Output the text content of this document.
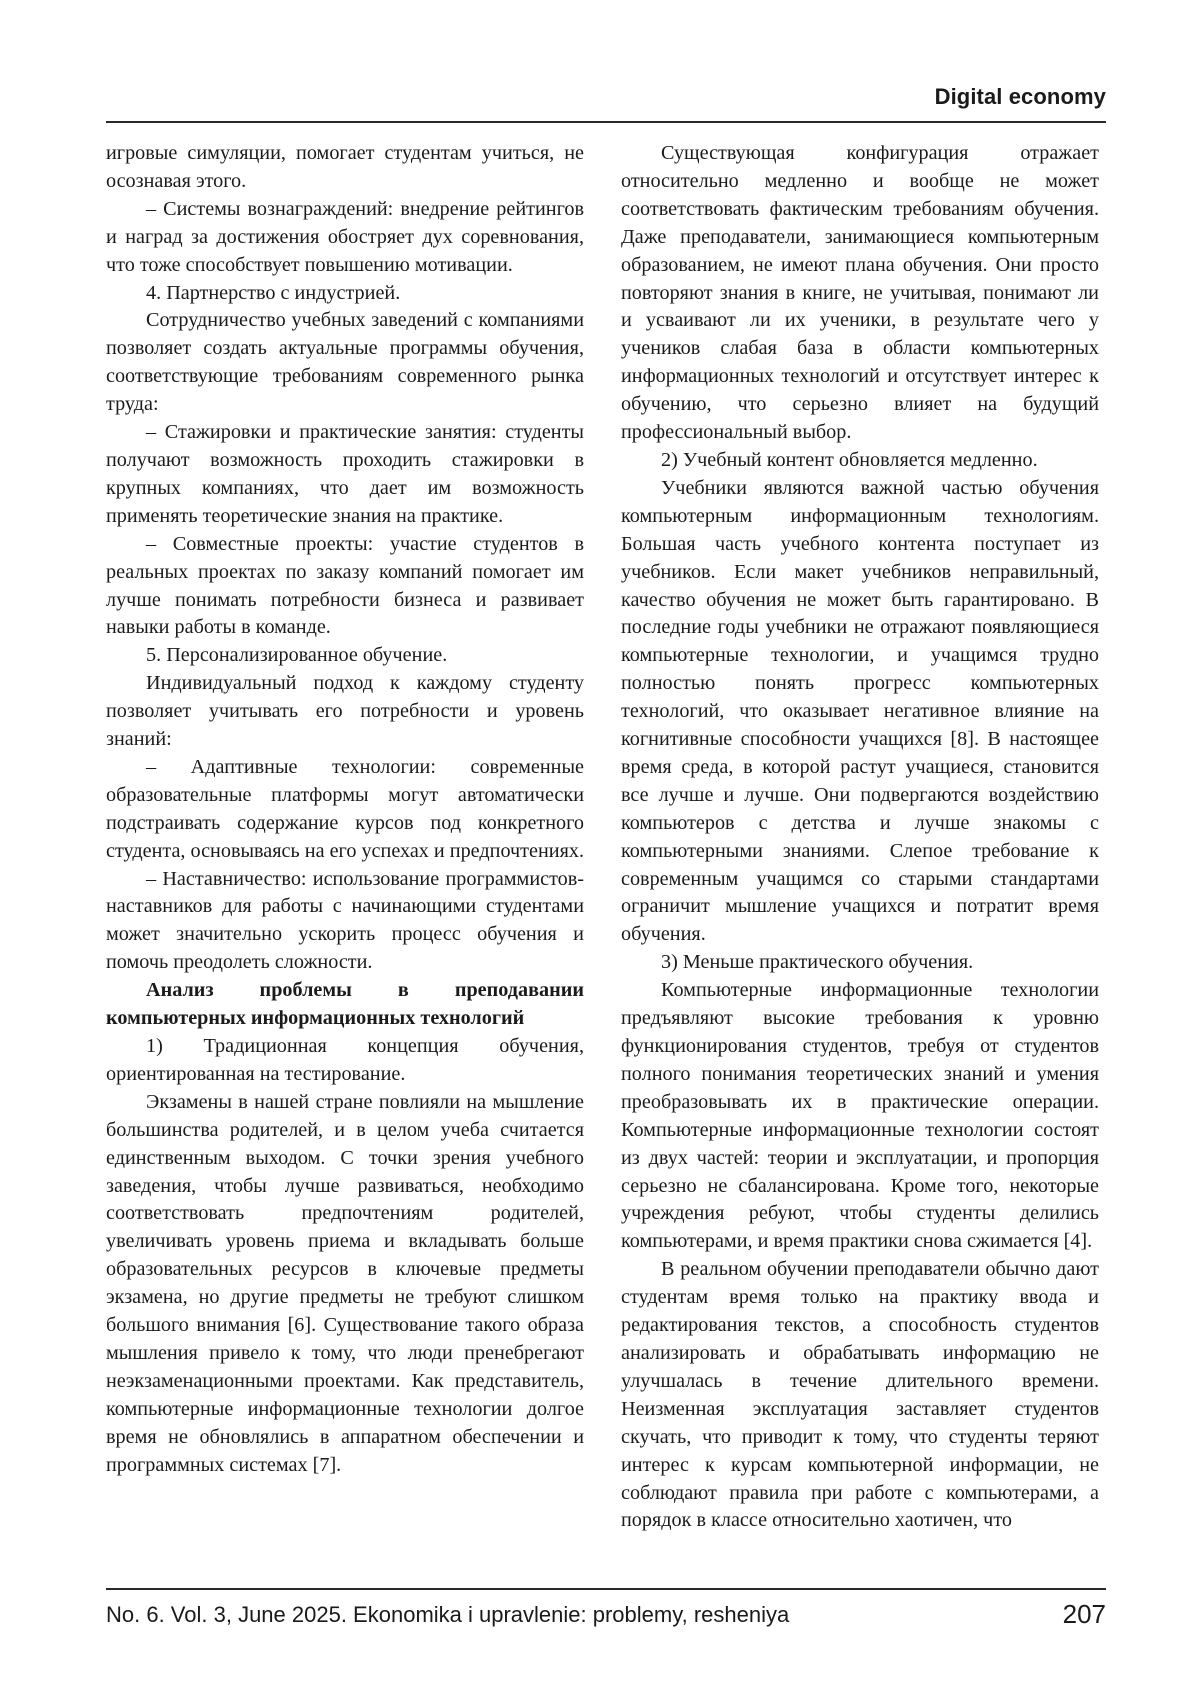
Digital economy

игровые симуляции, помогает студентам учиться, не осознавая этого.

– Системы вознаграждений: внедрение рейтингов и наград за достижения обостряет дух соревнования, что тоже способствует повышению мотивации.

4. Партнерство с индустрией.

Сотрудничество учебных заведений с компаниями позволяет создать актуальные программы обучения, соответствующие требованиям современного рынка труда:

– Стажировки и практические занятия: студенты получают возможность проходить стажировки в крупных компаниях, что дает им возможность применять теоретические знания на практике.

– Совместные проекты: участие студентов в реальных проектах по заказу компаний помогает им лучше понимать потребности бизнеса и развивает навыки работы в команде.

5. Персонализированное обучение.

Индивидуальный подход к каждому студенту позволяет учитывать его потребности и уровень знаний:

– Адаптивные технологии: современные образовательные платформы могут автоматически подстраивать содержание курсов под конкретного студента, основываясь на его успехах и предпочтениях.

– Наставничество: использование программистов-наставников для работы с начинающими студентами может значительно ускорить процесс обучения и помочь преодолеть сложности.

Анализ проблемы в преподавании компьютерных информационных технологий

1) Традиционная концепция обучения, ориентированная на тестирование.

Экзамены в нашей стране повлияли на мышление большинства родителей, и в целом учеба считается единственным выходом. С точки зрения учебного заведения, чтобы лучше развиваться, необходимо соответствовать предпочтениям родителей, увеличивать уровень приема и вкладывать больше образовательных ресурсов в ключевые предметы экзамена, но другие предметы не требуют слишком большого внимания [6]. Существование такого образа мышления привело к тому, что люди пренебрегают неэкзаменационными проектами. Как представитель, компьютерные информационные технологии долгое время не обновлялись в аппаратном обеспечении и программных системах [7].

Существующая конфигурация отражает относительно медленно и вообще не может соответствовать фактическим требованиям обучения. Даже преподаватели, занимающиеся компьютерным образованием, не имеют плана обучения. Они просто повторяют знания в книге, не учитывая, понимают ли и усваивают ли их ученики, в результате чего у учеников слабая база в области компьютерных информационных технологий и отсутствует интерес к обучению, что серьезно влияет на будущий профессиональный выбор.

2) Учебный контент обновляется медленно.

Учебники являются важной частью обучения компьютерным информационным технологиям. Большая часть учебного контента поступает из учебников. Если макет учебников неправильный, качество обучения не может быть гарантировано. В последние годы учебники не отражают появляющиеся компьютерные технологии, и учащимся трудно полностью понять прогресс компьютерных технологий, что оказывает негативное влияние на когнитивные способности учащихся [8]. В настоящее время среда, в которой растут учащиеся, становится все лучше и лучше. Они подвергаются воздействию компьютеров с детства и лучше знакомы с компьютерными знаниями. Слепое требование к современным учащимся со старыми стандартами ограничит мышление учащихся и потратит время обучения.

3) Меньше практического обучения.

Компьютерные информационные технологии предъявляют высокие требования к уровню функционирования студентов, требуя от студентов полного понимания теоретических знаний и умения преобразовывать их в практические операции. Компьютерные информационные технологии состоят из двух частей: теории и эксплуатации, и пропорция серьезно не сбалансирована. Кроме того, некоторые учреждения ребуют, чтобы студенты делились компьютерами, и время практики снова сжимается [4].

В реальном обучении преподаватели обычно дают студентам время только на практику ввода и редактирования текстов, а способность студентов анализировать и обрабатывать информацию не улучшалась в течение длительного времени. Неизменная эксплуатация заставляет студентов скучать, что приводит к тому, что студенты теряют интерес к курсам компьютерной информации, не соблюдают правила при работе с компьютерами, а порядок в классе относительно хаотичен, что

No. 6. Vol. 3, June 2025. Ekonomika i upravlenie: problemy, resheniya	207
